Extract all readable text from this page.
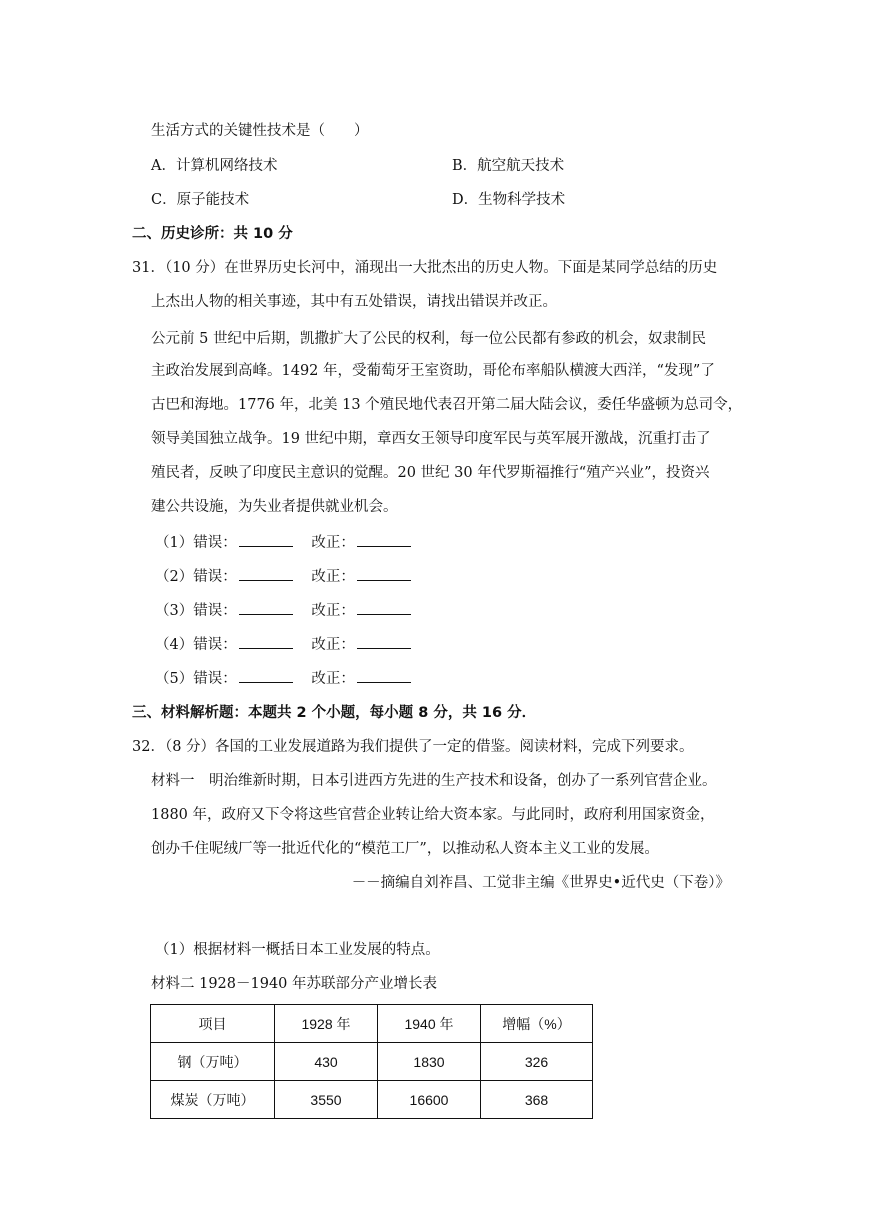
生活方式的关键性技术是（　　）
A．计算机网络技术	B．航空航天技术
C．原子能技术	D．生物科学技术
二、历史诊所：共 10 分
31．（10 分）在世界历史长河中，涌现出一大批杰出的历史人物。下面是某同学总结的历史
上杰出人物的相关事迹，其中有五处错误，请找出错误并改正。
公元前 5 世纪中后期，凯撒扩大了公民的权利，每一位公民都有参政的机会，奴隶制民
主政治发展到高峰。1492 年，受葡萄牙王室资助，哥伦布率船队横渡大西洋，“发现”了
古巴和海地。1776 年，北美 13 个殖民地代表召开第二届大陆会议，委任华盛顿为总司令，
领导美国独立战争。19 世纪中期，章西女王领导印度军民与英军展开激战，沉重打击了
殖民者，反映了印度民主意识的觉醒。20 世纪 30 年代罗斯福推行“殖产兴业”，投资兴
建公共设施，为失业者提供就业机会。
（1）错误：	改正：
（2）错误：	改正：
（3）错误：	改正：
（4）错误：	改正：
（5）错误：	改正：
三、材料解析题：本题共 2 个小题，每小题 8 分，共 16 分．
32．（8 分）各国的工业发展道路为我们提供了一定的借鉴。阅读材料，完成下列要求。
材料一　明治维新时期，日本引进西方先进的生产技术和设备，创办了一系列官营企业。
1880 年，政府又下令将这些官营企业转让给大资本家。与此同时，政府利用国家资金，
创办千住呢绒厂等一批近代化的“模范工厂”，以推动私人资本主义工业的发展。
－－摘编自刘祚昌、工觉非主编《世界史•近代史（下卷）》
（1）根据材料一概括日本工业发展的特点。
材料二 1928－1940 年苏联部分产业增长表
项目	1928 年	1940 年	增幅（%）
钢（万吨）	430	1830	326
煤炭（万吨）	3550	16600	368
